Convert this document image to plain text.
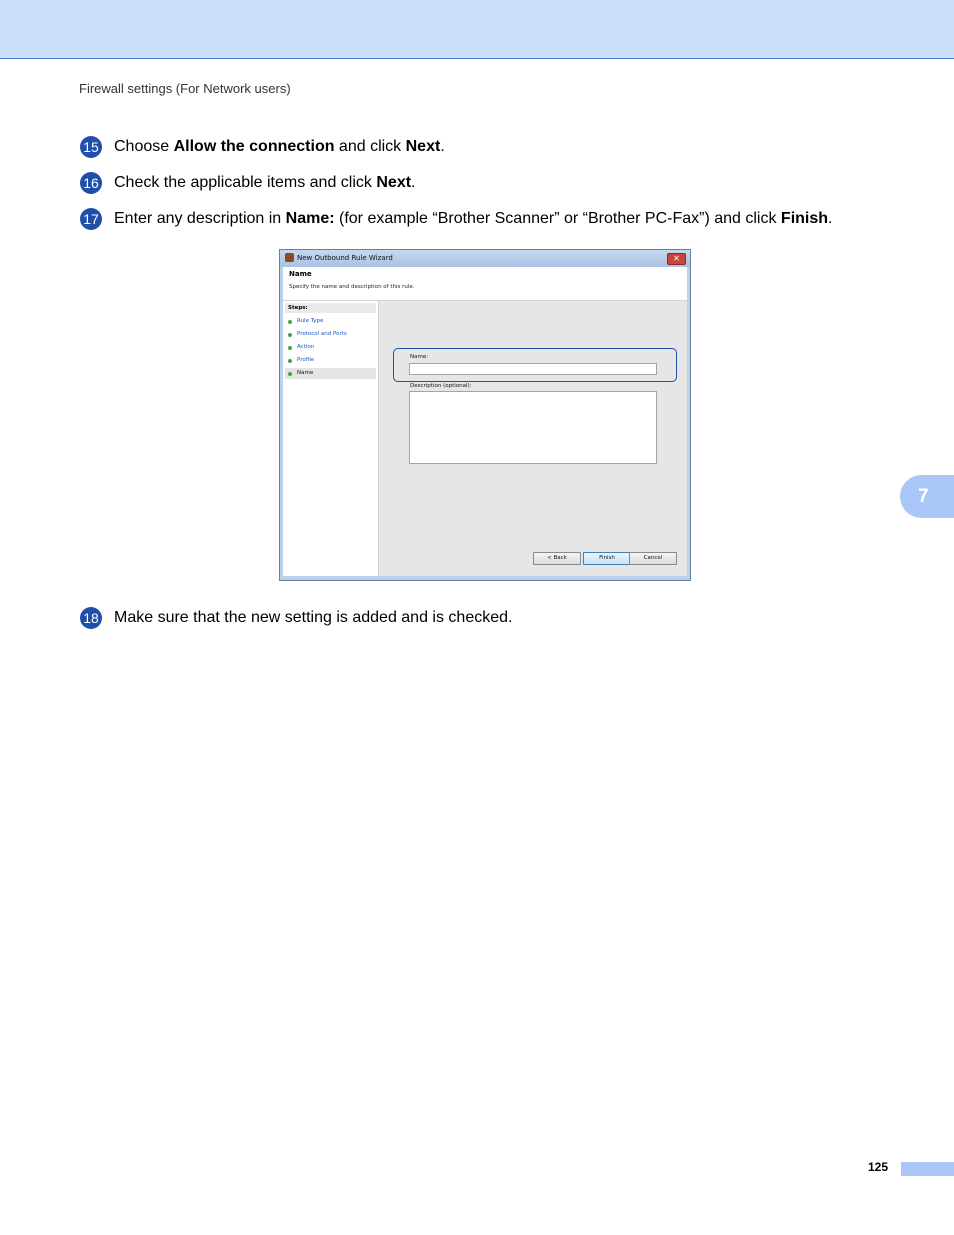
Firewall settings (For Network users)
15 Choose Allow the connection and click Next.
16 Check the applicable items and click Next.
17 Enter any description in Name: (for example “Brother Scanner” or “Brother PC-Fax”) and click Finish.
New Outbound Rule Wizard	✕
Name
Specify the name and description of this rule.
Steps:
Rule Type
Protocol and Ports
Action
Profile
Name
Name:
Description (optional):
< Back	Finish	Cancel
18 Make sure that the new setting is added and is checked.
7
125
